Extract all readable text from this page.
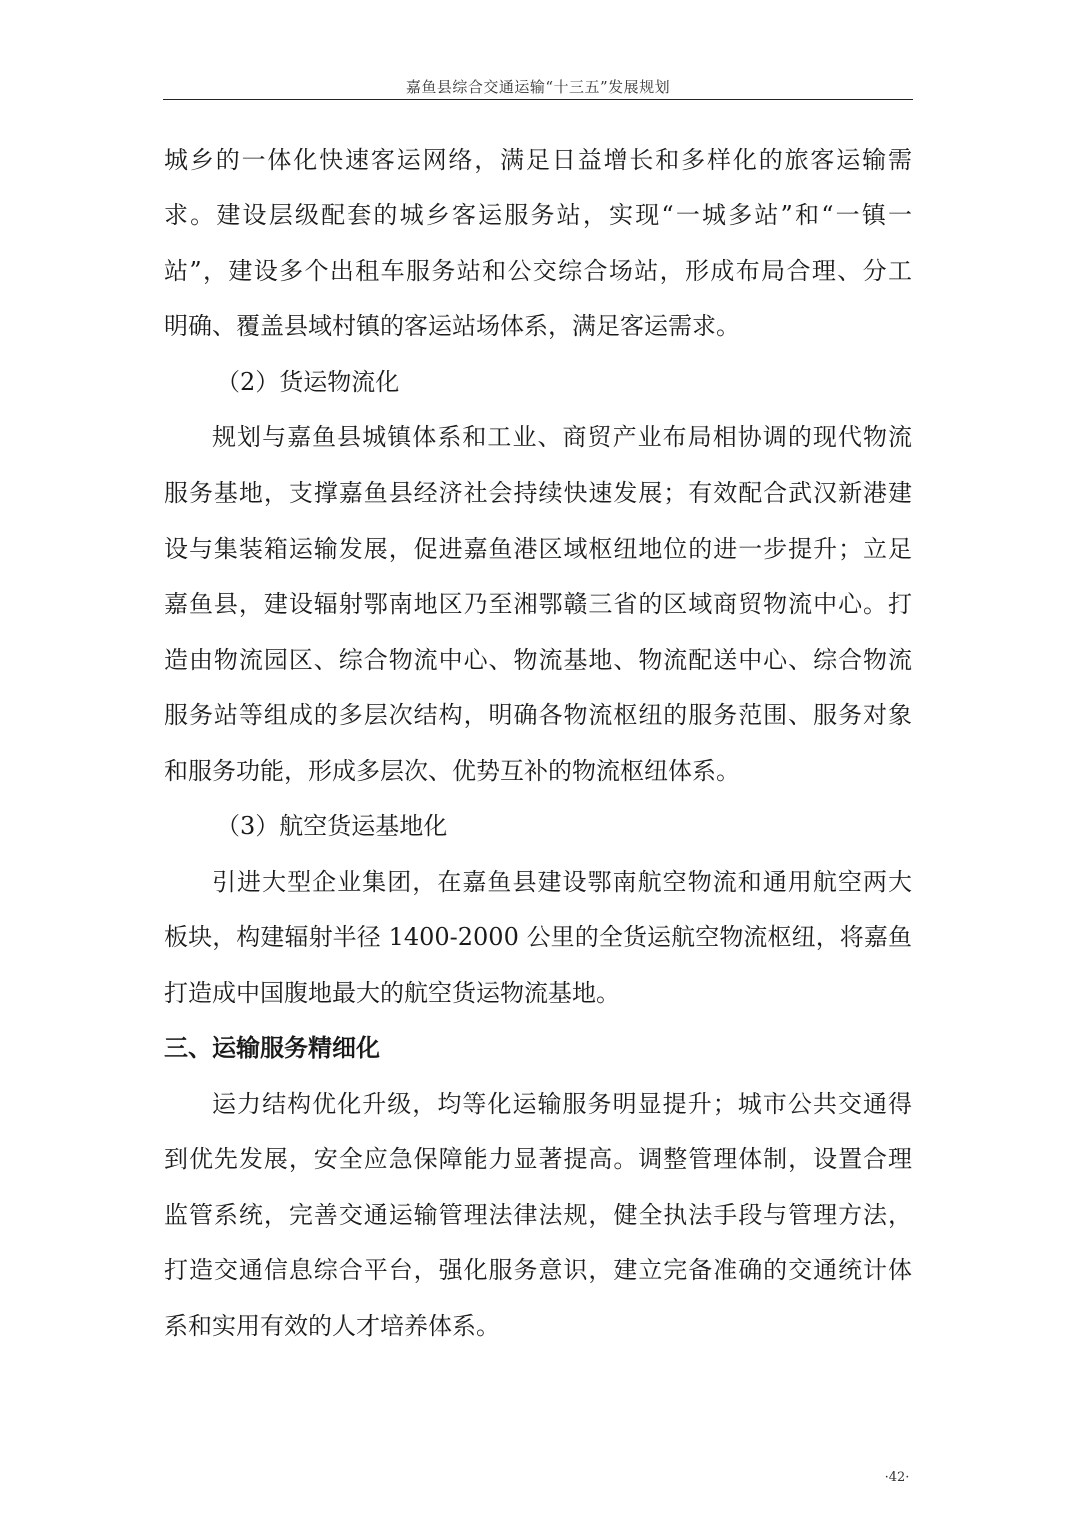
嘉鱼县综合交通运输“十三五”发展规划
城乡的一体化快速客运网络，满足日益增长和多样化的旅客运输需
求。建设层级配套的城乡客运服务站，实现“一城多站”和“一镇一
站”，建设多个出租车服务站和公交综合场站，形成布局合理、分工
明确、覆盖县域村镇的客运站场体系，满足客运需求。
（2）货运物流化
规划与嘉鱼县城镇体系和工业、商贸产业布局相协调的现代物流
服务基地，支撑嘉鱼县经济社会持续快速发展；有效配合武汉新港建
设与集装箱运输发展，促进嘉鱼港区域枢纽地位的进一步提升；立足
嘉鱼县，建设辐射鄂南地区乃至湘鄂赣三省的区域商贸物流中心。打
造由物流园区、综合物流中心、物流基地、物流配送中心、综合物流
服务站等组成的多层次结构，明确各物流枢纽的服务范围、服务对象
和服务功能，形成多层次、优势互补的物流枢纽体系。
（3）航空货运基地化
引进大型企业集团，在嘉鱼县建设鄂南航空物流和通用航空两大
板块，构建辐射半径 1400-2000 公里的全货运航空物流枢纽，将嘉鱼
打造成中国腹地最大的航空货运物流基地。
三、运输服务精细化
运力结构优化升级，均等化运输服务明显提升；城市公共交通得
到优先发展，安全应急保障能力显著提高。调整管理体制，设置合理
监管系统，完善交通运输管理法律法规，健全执法手段与管理方法，
打造交通信息综合平台，强化服务意识，建立完备准确的交通统计体
系和实用有效的人才培养体系。
·42·
